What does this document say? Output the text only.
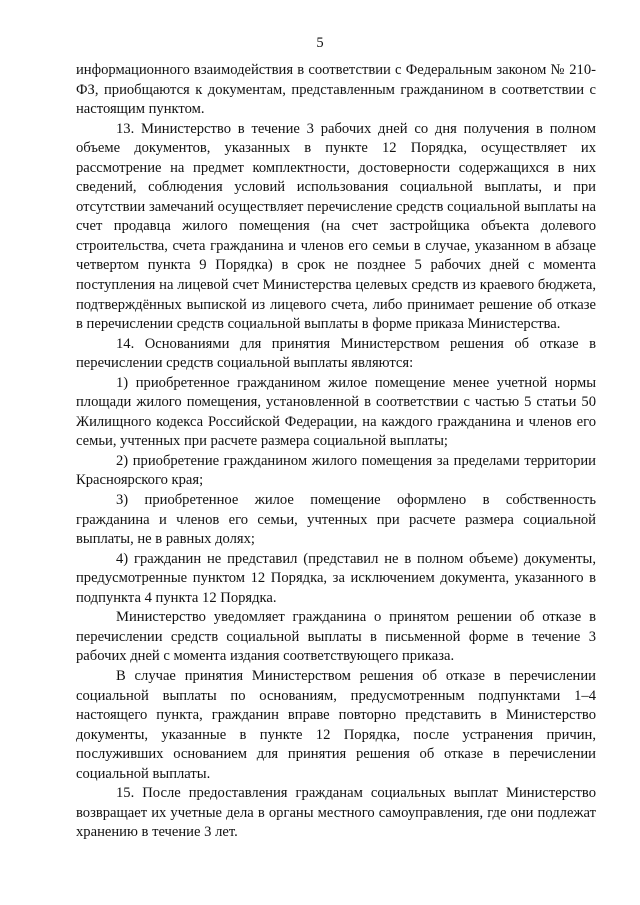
5

информационного взаимодействия в соответствии с Федеральным законом № 210-ФЗ, приобщаются к документам, представленным гражданином в соответствии с настоящим пунктом.

13. Министерство в течение 3 рабочих дней со дня получения в полном объеме документов, указанных в пункте 12 Порядка, осуществляет их рассмотрение на предмет комплектности, достоверности содержащихся в них сведений, соблюдения условий использования социальной выплаты, и при отсутствии замечаний осуществляет перечисление средств социальной выплаты на счет продавца жилого помещения (на счет застройщика объекта долевого строительства, счета гражданина и членов его семьи в случае, указанном в абзаце четвертом пункта 9 Порядка) в срок не позднее 5 рабочих дней с момента поступления на лицевой счет Министерства целевых средств из краевого бюджета, подтверждённых выпиской из лицевого счета, либо принимает решение об отказе в перечислении средств социальной выплаты в форме приказа Министерства.

14. Основаниями для принятия Министерством решения об отказе в перечислении средств социальной выплаты являются:

1) приобретенное гражданином жилое помещение менее учетной нормы площади жилого помещения, установленной в соответствии с частью 5 статьи 50 Жилищного кодекса Российской Федерации, на каждого гражданина и членов его семьи, учтенных при расчете размера социальной выплаты;

2) приобретение гражданином жилого помещения за пределами территории Красноярского края;

3) приобретенное жилое помещение оформлено в собственность гражданина и членов его семьи, учтенных при расчете размера социальной выплаты, не в равных долях;

4) гражданин не представил (представил не в полном объеме) документы, предусмотренные пунктом 12 Порядка, за исключением документа, указанного в подпункта 4 пункта 12 Порядка.

Министерство уведомляет гражданина о принятом решении об отказе в перечислении средств социальной выплаты в письменной форме в течение 3 рабочих дней с момента издания соответствующего приказа.

В случае принятия Министерством решения об отказе в перечислении социальной выплаты по основаниям, предусмотренным подпунктами 1–4 настоящего пункта, гражданин вправе повторно представить в Министерство документы, указанные в пункте 12 Порядка, после устранения причин, послуживших основанием для принятия решения об отказе в перечислении социальной выплаты.

15. После предоставления гражданам социальных выплат Министерство возвращает их учетные дела в органы местного самоуправления, где они подлежат хранению в течение 3 лет.
